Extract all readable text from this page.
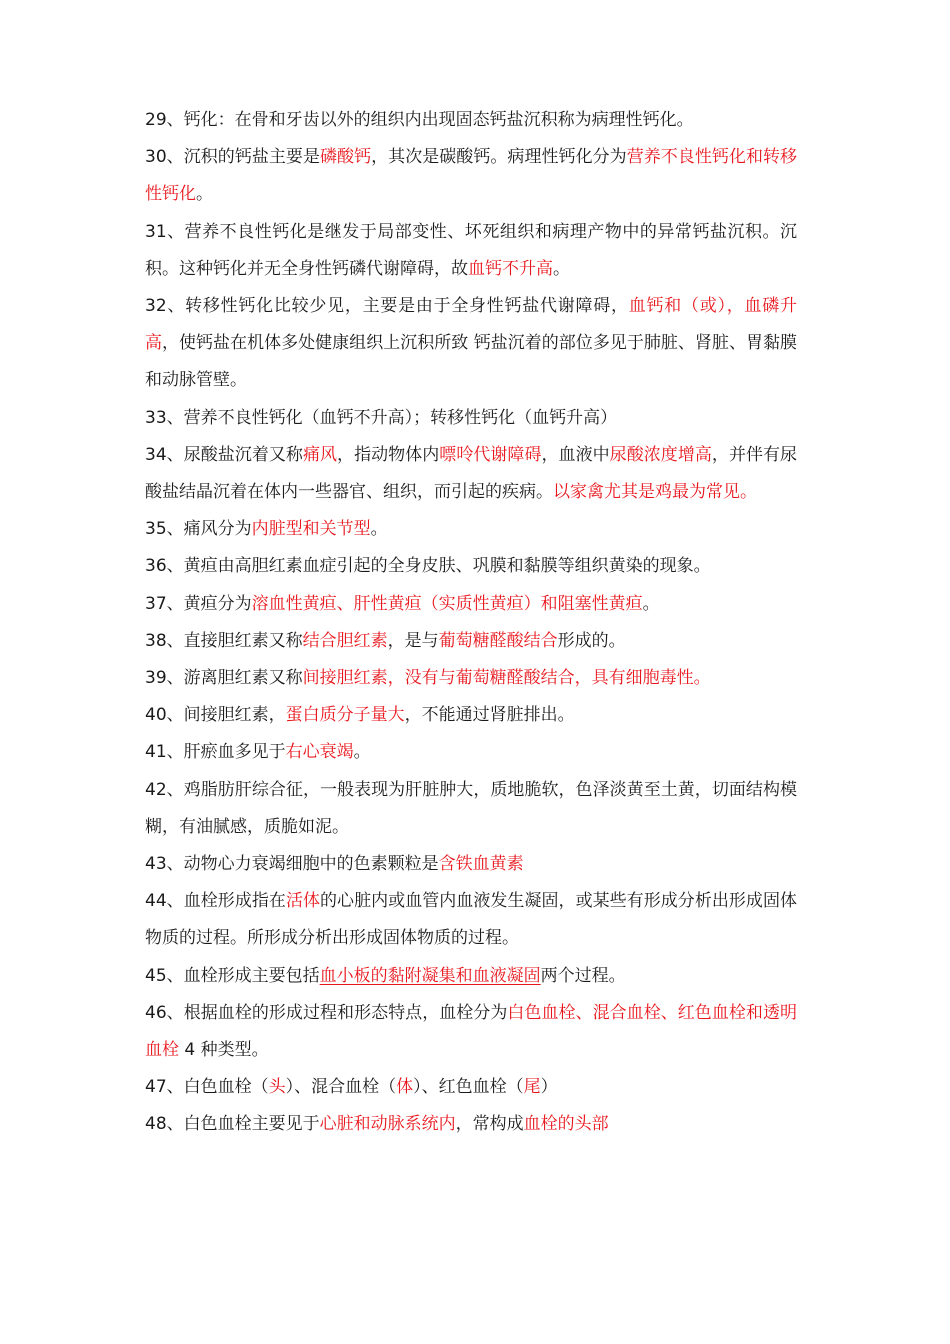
29、钙化：在骨和牙齿以外的组织内出现固态钙盐沉积称为病理性钙化。

30、沉积的钙盐主要是磷酸钙，其次是碳酸钙。病理性钙化分为营养不良性钙化和转移性钙化。

31、营养不良性钙化是继发于局部变性、坏死组织和病理产物中的异常钙盐沉积。沉积。这种钙化并无全身性钙磷代谢障碍，故血钙不升高。

32、转移性钙化比较少见，主要是由于全身性钙盐代谢障碍，血钙和（或），血磷升高，使钙盐在机体多处健康组织上沉积所致 钙盐沉着的部位多见于肺脏、肾脏、胃黏膜和动脉管壁。

33、营养不良性钙化（血钙不升高）；转移性钙化（血钙升高）

34、尿酸盐沉着又称痛风，指动物体内嘌呤代谢障碍，血液中尿酸浓度增高，并伴有尿酸盐结晶沉着在体内一些器官、组织，而引起的疾病。以家禽尤其是鸡最为常见。

35、痛风分为内脏型和关节型。

36、黄疸由高胆红素血症引起的全身皮肤、巩膜和黏膜等组织黄染的现象。

37、黄疸分为溶血性黄疸、肝性黄疸（实质性黄疸）和阻塞性黄疸。

38、直接胆红素又称结合胆红素，是与葡萄糖醛酸结合形成的。

39、游离胆红素又称间接胆红素，没有与葡萄糖醛酸结合，具有细胞毒性。

40、间接胆红素，蛋白质分子量大，不能通过肾脏排出。

41、肝瘀血多见于右心衰竭。

42、鸡脂肪肝综合征，一般表现为肝脏肿大，质地脆软，色泽淡黄至土黄，切面结构模糊，有油腻感，质脆如泥。

43、动物心力衰竭细胞中的色素颗粒是含铁血黄素

44、血栓形成指在活体的心脏内或血管内血液发生凝固，或某些有形成分析出形成固体物质的过程。所形成分析出形成固体物质的过程。

45、血栓形成主要包括血小板的黏附凝集和血液凝固两个过程。

46、根据血栓的形成过程和形态特点，血栓分为白色血栓、混合血栓、红色血栓和透明血栓 4 种类型。

47、白色血栓（头）、混合血栓（体）、红色血栓（尾）

48、白色血栓主要见于心脏和动脉系统内，常构成血栓的头部
